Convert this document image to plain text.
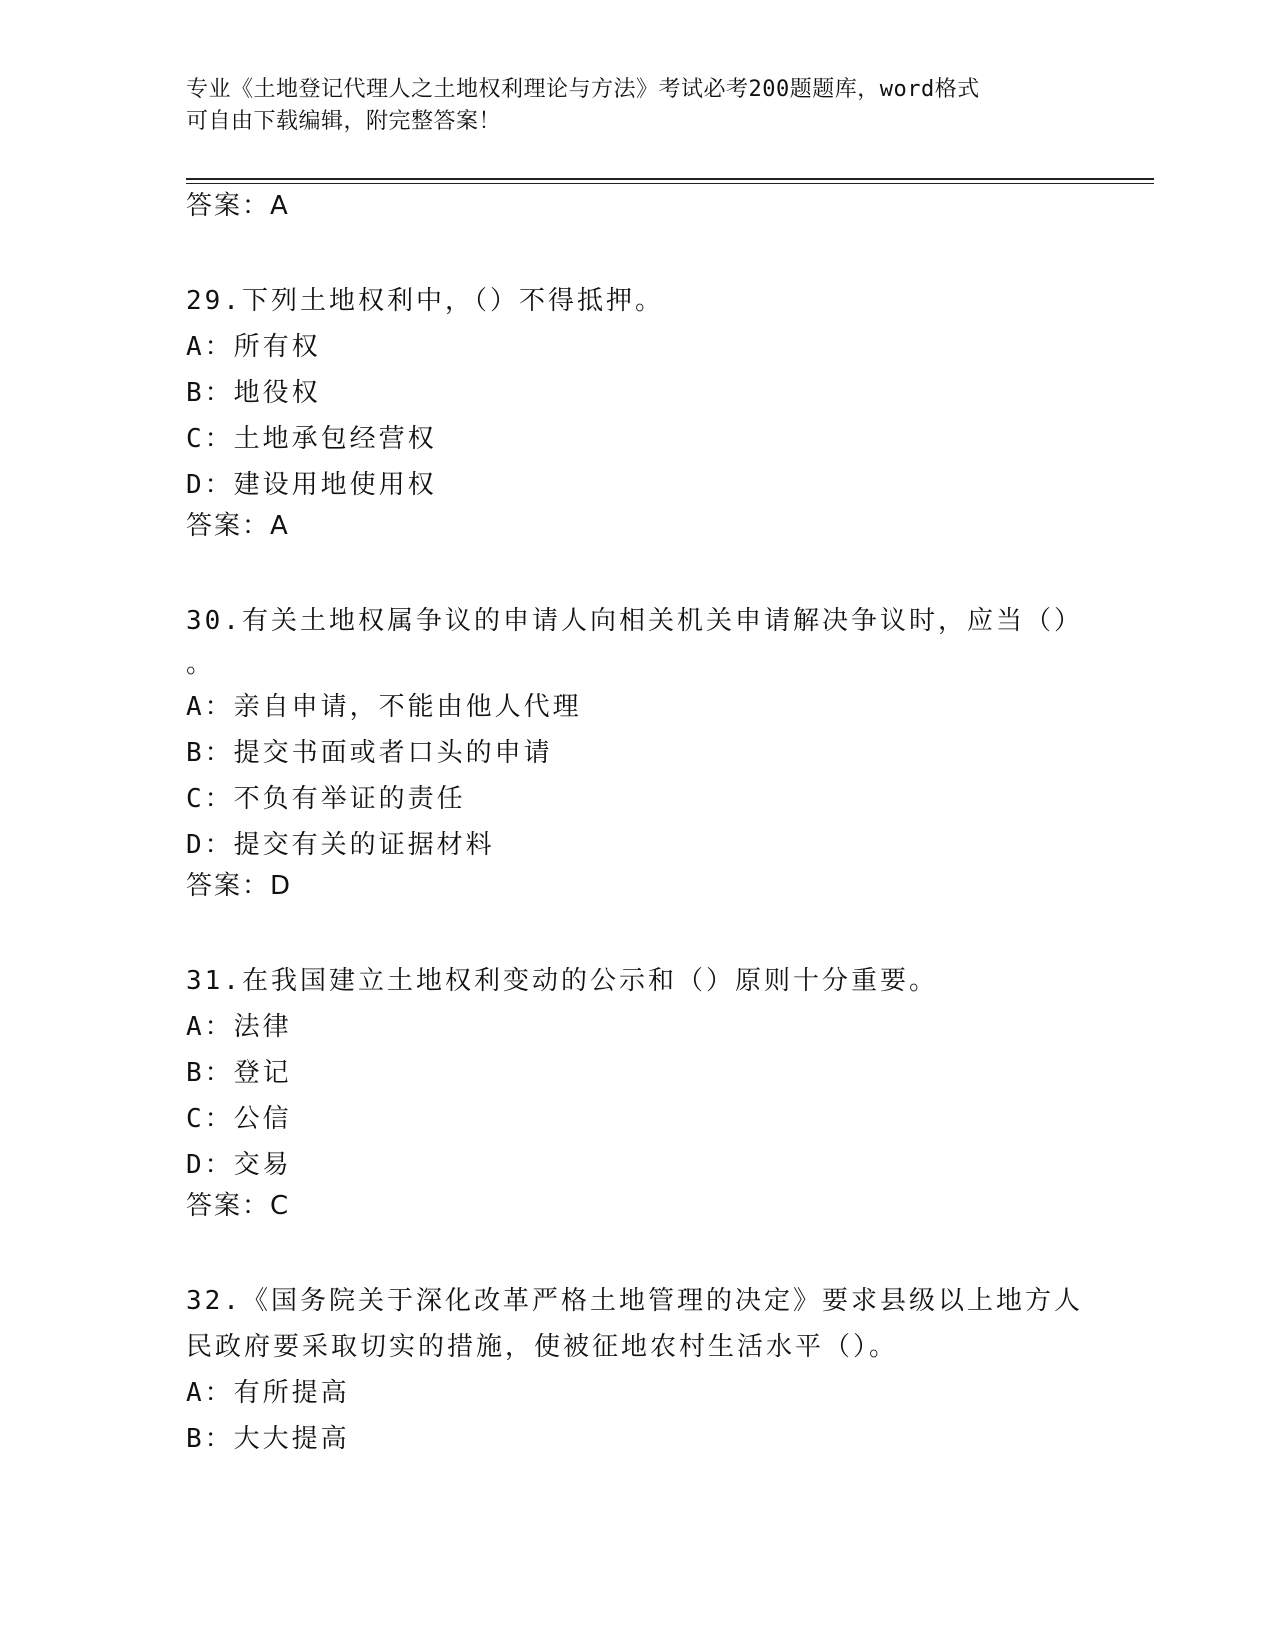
专业《土地登记代理人之土地权利理论与方法》考试必考200题题库，word格式
可自由下载编辑，附完整答案！

答案：A

29.下列土地权利中，（）不得抵押。

A：所有权

B：地役权

C：土地承包经营权

D：建设用地使用权

答案：A

30.有关土地权属争议的申请人向相关机关申请解决争议时，应当（）

。

A：亲自申请，不能由他人代理

B：提交书面或者口头的申请

C：不负有举证的责任

D：提交有关的证据材料

答案：D

31.在我国建立土地权利变动的公示和（）原则十分重要。

A：法律

B：登记

C：公信

D：交易

答案：C

32.《国务院关于深化改革严格土地管理的决定》要求县级以上地方人

民政府要采取切实的措施，使被征地农村生活水平（）。

A：有所提高

B：大大提高
